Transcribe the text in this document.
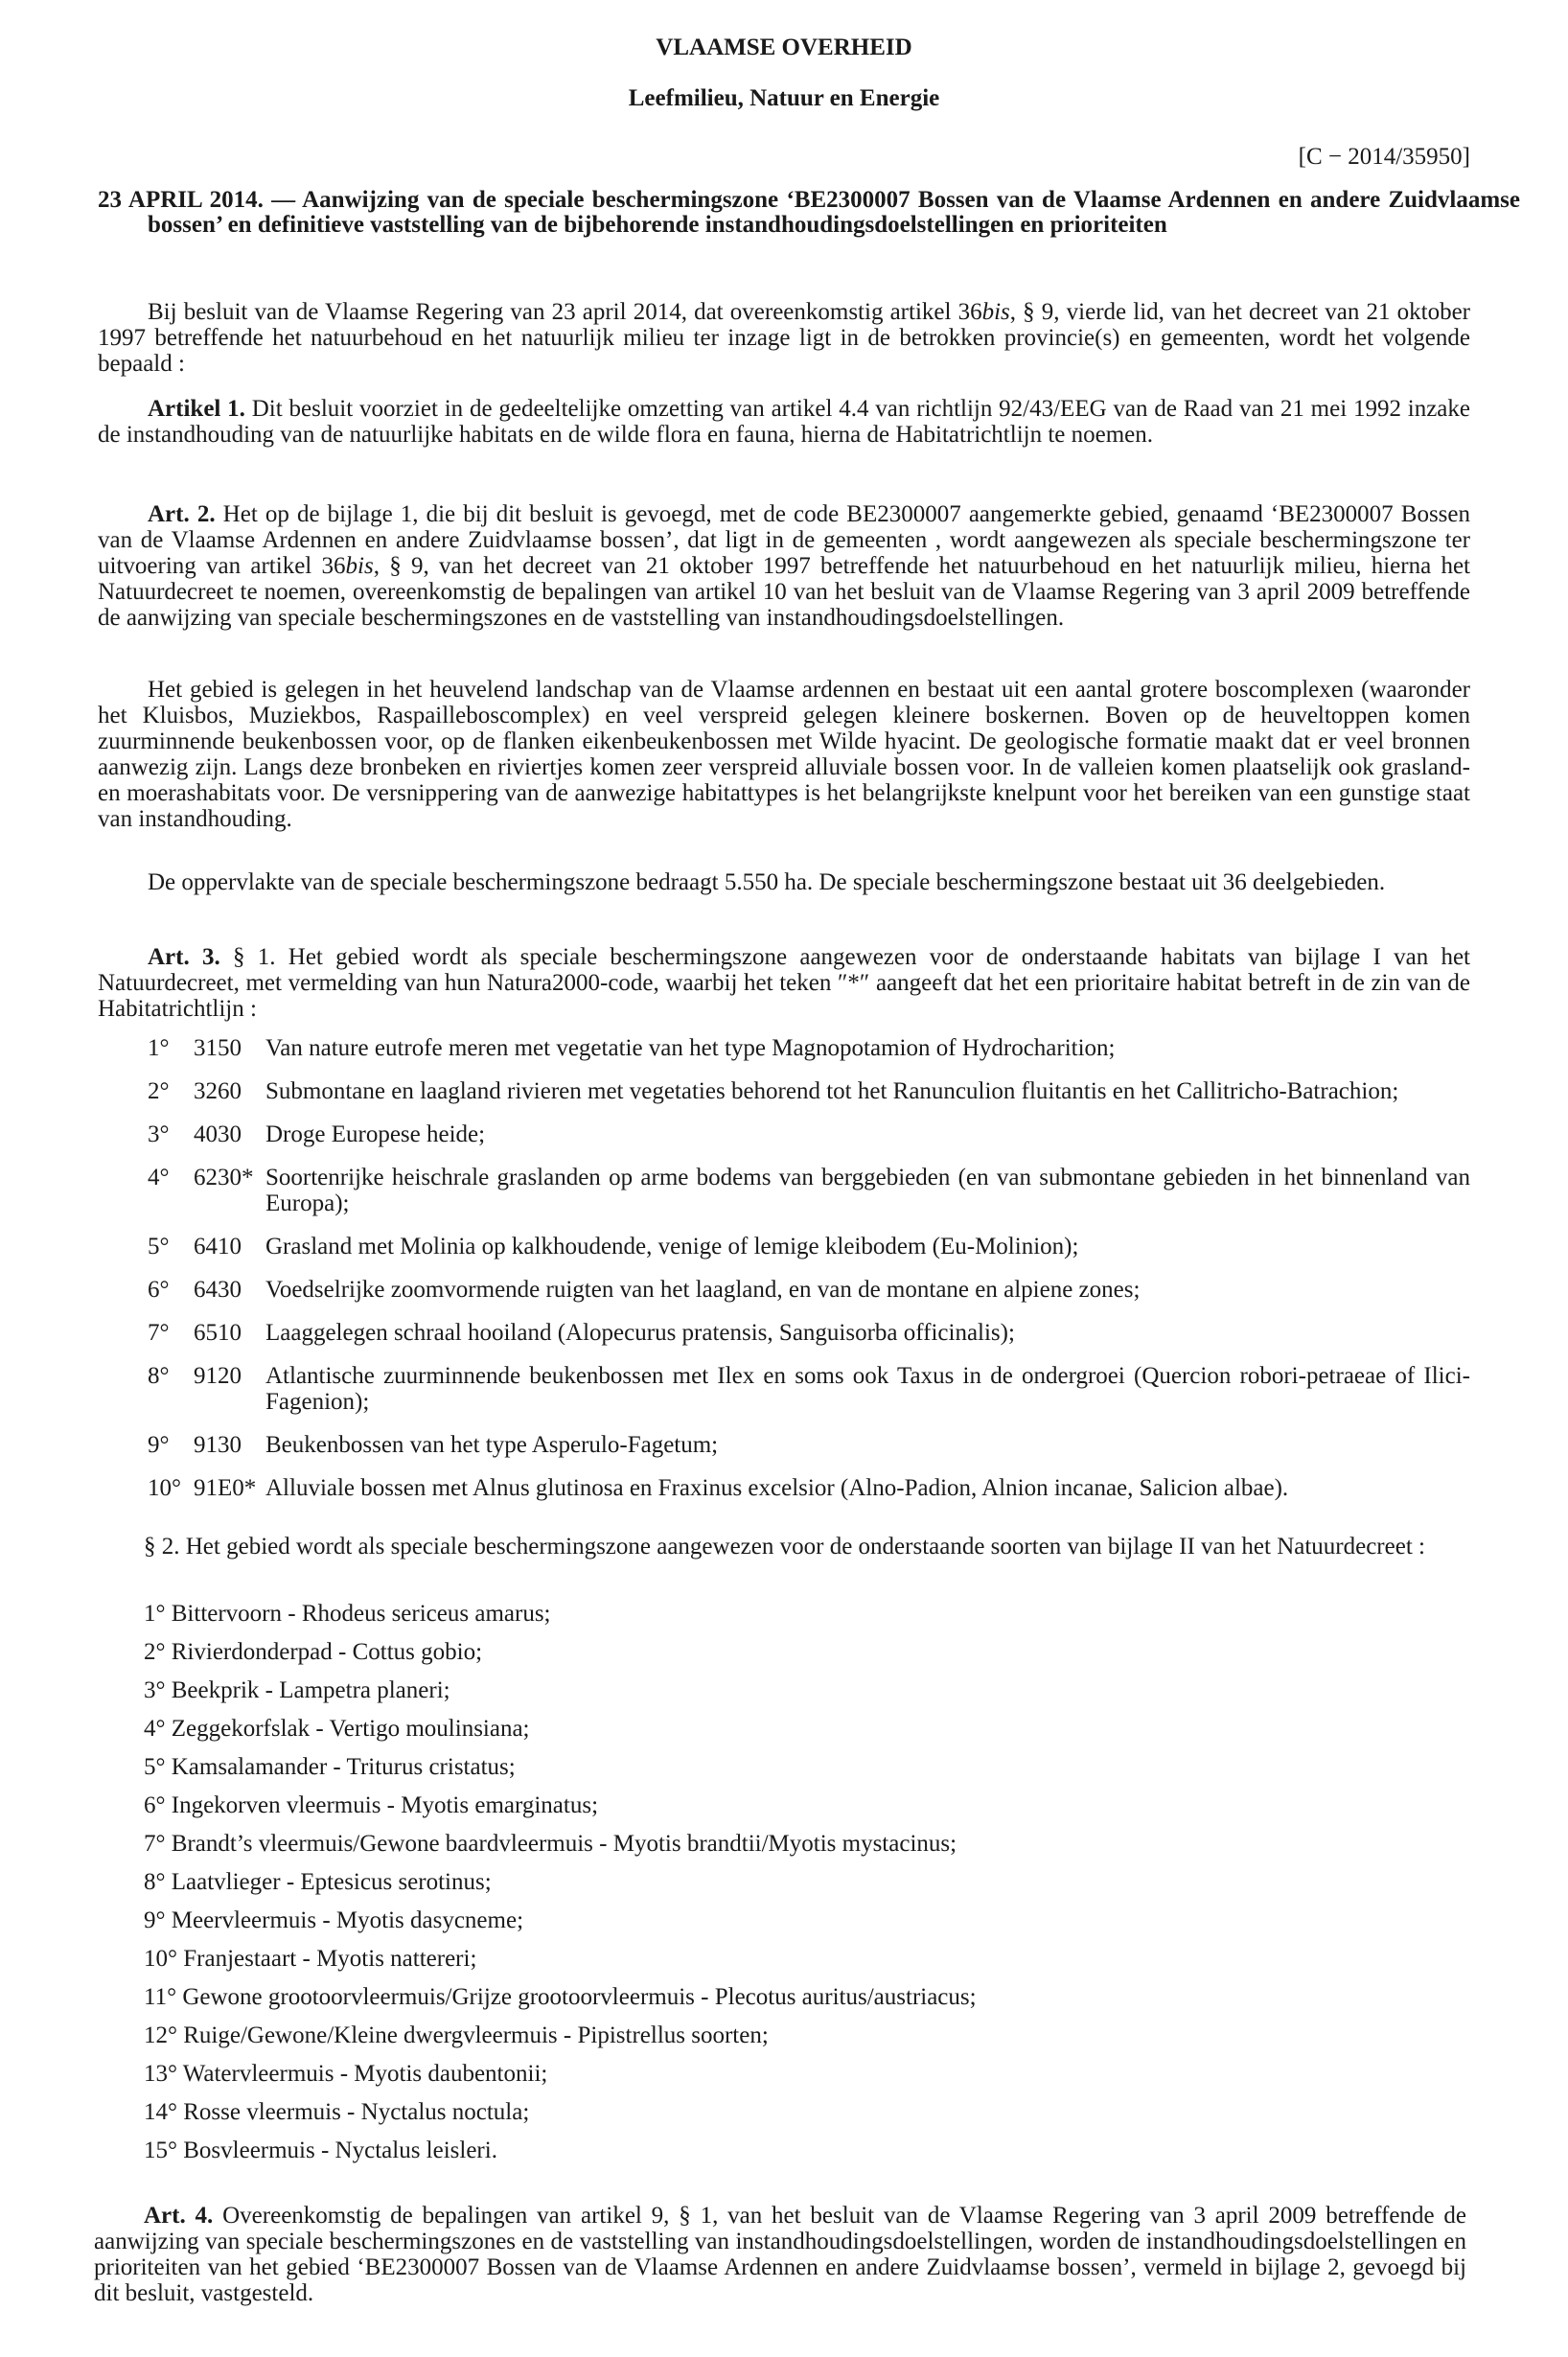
VLAAMSE OVERHEID
Leefmilieu, Natuur en Energie
[C − 2014/35950]
23 APRIL 2014. — Aanwijzing van de speciale beschermingszone ‘BE2300007 Bossen van de Vlaamse Ardennen en andere Zuidvlaamse bossen’ en definitieve vaststelling van de bijbehorende instandhoudingsdoelstellingen en prioriteiten

Bij besluit van de Vlaamse Regering van 23 april 2014, dat overeenkomstig artikel 36bis, § 9, vierde lid, van het decreet van 21 oktober 1997 betreffende het natuurbehoud en het natuurlijk milieu ter inzage ligt in de betrokken provincie(s) en gemeenten, wordt het volgende bepaald :

Artikel 1. Dit besluit voorziet in de gedeeltelijke omzetting van artikel 4.4 van richtlijn 92/43/EEG van de Raad van 21 mei 1992 inzake de instandhouding van de natuurlijke habitats en de wilde flora en fauna, hierna de Habitatrichtlijn te noemen.

Art. 2. Het op de bijlage 1, die bij dit besluit is gevoegd, met de code BE2300007 aangemerkte gebied, genaamd ‘BE2300007 Bossen van de Vlaamse Ardennen en andere Zuidvlaamse bossen’, dat ligt in de gemeenten , wordt aangewezen als speciale beschermingszone ter uitvoering van artikel 36bis, § 9, van het decreet van 21 oktober 1997 betreffende het natuurbehoud en het natuurlijk milieu, hierna het Natuurdecreet te noemen, overeenkomstig de bepalingen van artikel 10 van het besluit van de Vlaamse Regering van 3 april 2009 betreffende de aanwijzing van speciale beschermingszones en de vaststelling van instandhoudingsdoelstellingen.

Het gebied is gelegen in het heuvelend landschap van de Vlaamse ardennen en bestaat uit een aantal grotere boscomplexen (waaronder het Kluisbos, Muziekbos, Raspailleboscomplex) en veel verspreid gelegen kleinere boskernen. Boven op de heuveltoppen komen zuurminnende beukenbossen voor, op de flanken eikenbeukenbossen met Wilde hyacint. De geologische formatie maakt dat er veel bronnen aanwezig zijn. Langs deze bronbeken en riviertjes komen zeer verspreid alluviale bossen voor. In de valleien komen plaatselijk ook grasland- en moerashabitats voor. De versnippering van de aanwezige habitattypes is het belangrijkste knelpunt voor het bereiken van een gunstige staat van instandhouding.

De oppervlakte van de speciale beschermingszone bedraagt 5.550 ha. De speciale beschermingszone bestaat uit 36 deelgebieden.

Art. 3. § 1. Het gebied wordt als speciale beschermingszone aangewezen voor de onderstaande habitats van bijlage I van het Natuurdecreet, met vermelding van hun Natura2000-code, waarbij het teken ″*″ aangeeft dat het een prioritaire habitat betreft in de zin van de Habitatrichtlijn :

1°	3150	Van nature eutrofe meren met vegetatie van het type Magnopotamion of Hydrocharition;
2°	3260	Submontane en laagland rivieren met vegetaties behorend tot het Ranunculion fluitantis en het Callitricho-Batrachion;
3°	4030	Droge Europese heide;
4°	6230* Soortenrijke heischrale graslanden op arme bodems van berggebieden (en van submontane gebieden in het binnenland van Europa);
5°	6410	Grasland met Molinia op kalkhoudende, venige of lemige kleibodem (Eu-Molinion);
6°	6430	Voedselrijke zoomvormende ruigten van het laagland, en van de montane en alpiene zones;
7°	6510	Laaggelegen schraal hooiland (Alopecurus pratensis, Sanguisorba officinalis);
8°	9120	Atlantische zuurminnende beukenbossen met Ilex en soms ook Taxus in de ondergroei (Quercion robori-petraeae of Ilici-Fagenion);
9°	9130	Beukenbossen van het type Asperulo-Fagetum;
10° 91E0* Alluviale bossen met Alnus glutinosa en Fraxinus excelsior (Alno-Padion, Alnion incanae, Salicion albae).

§ 2. Het gebied wordt als speciale beschermingszone aangewezen voor de onderstaande soorten van bijlage II van het Natuurdecreet :

1° Bittervoorn - Rhodeus sericeus amarus;
2° Rivierdonderpad - Cottus gobio;
3° Beekprik - Lampetra planeri;
4° Zeggekorfslak - Vertigo moulinsiana;
5° Kamsalamander - Triturus cristatus;
6° Ingekorven vleermuis - Myotis emarginatus;
7° Brandt’s vleermuis/Gewone baardvleermuis - Myotis brandtii/Myotis mystacinus;
8° Laatvlieger - Eptesicus serotinus;
9° Meervleermuis - Myotis dasycneme;
10° Franjestaart - Myotis nattereri;
11° Gewone grootoorvleermuis/Grijze grootoorvleermuis - Plecotus auritus/austriacus;
12° Ruige/Gewone/Kleine dwergvleermuis - Pipistrellus soorten;
13° Watervleermuis - Myotis daubentonii;
14° Rosse vleermuis - Nyctalus noctula;
15° Bosvleermuis - Nyctalus leisleri.

Art. 4. Overeenkomstig de bepalingen van artikel 9, § 1, van het besluit van de Vlaamse Regering van 3 april 2009 betreffende de aanwijzing van speciale beschermingszones en de vaststelling van instandhoudingsdoelstellingen, worden de instandhoudingsdoelstellingen en prioriteiten van het gebied ‘BE2300007 Bossen van de Vlaamse Ardennen en andere Zuidvlaamse bossen’, vermeld in bijlage 2, gevoegd bij dit besluit, vastgesteld.
